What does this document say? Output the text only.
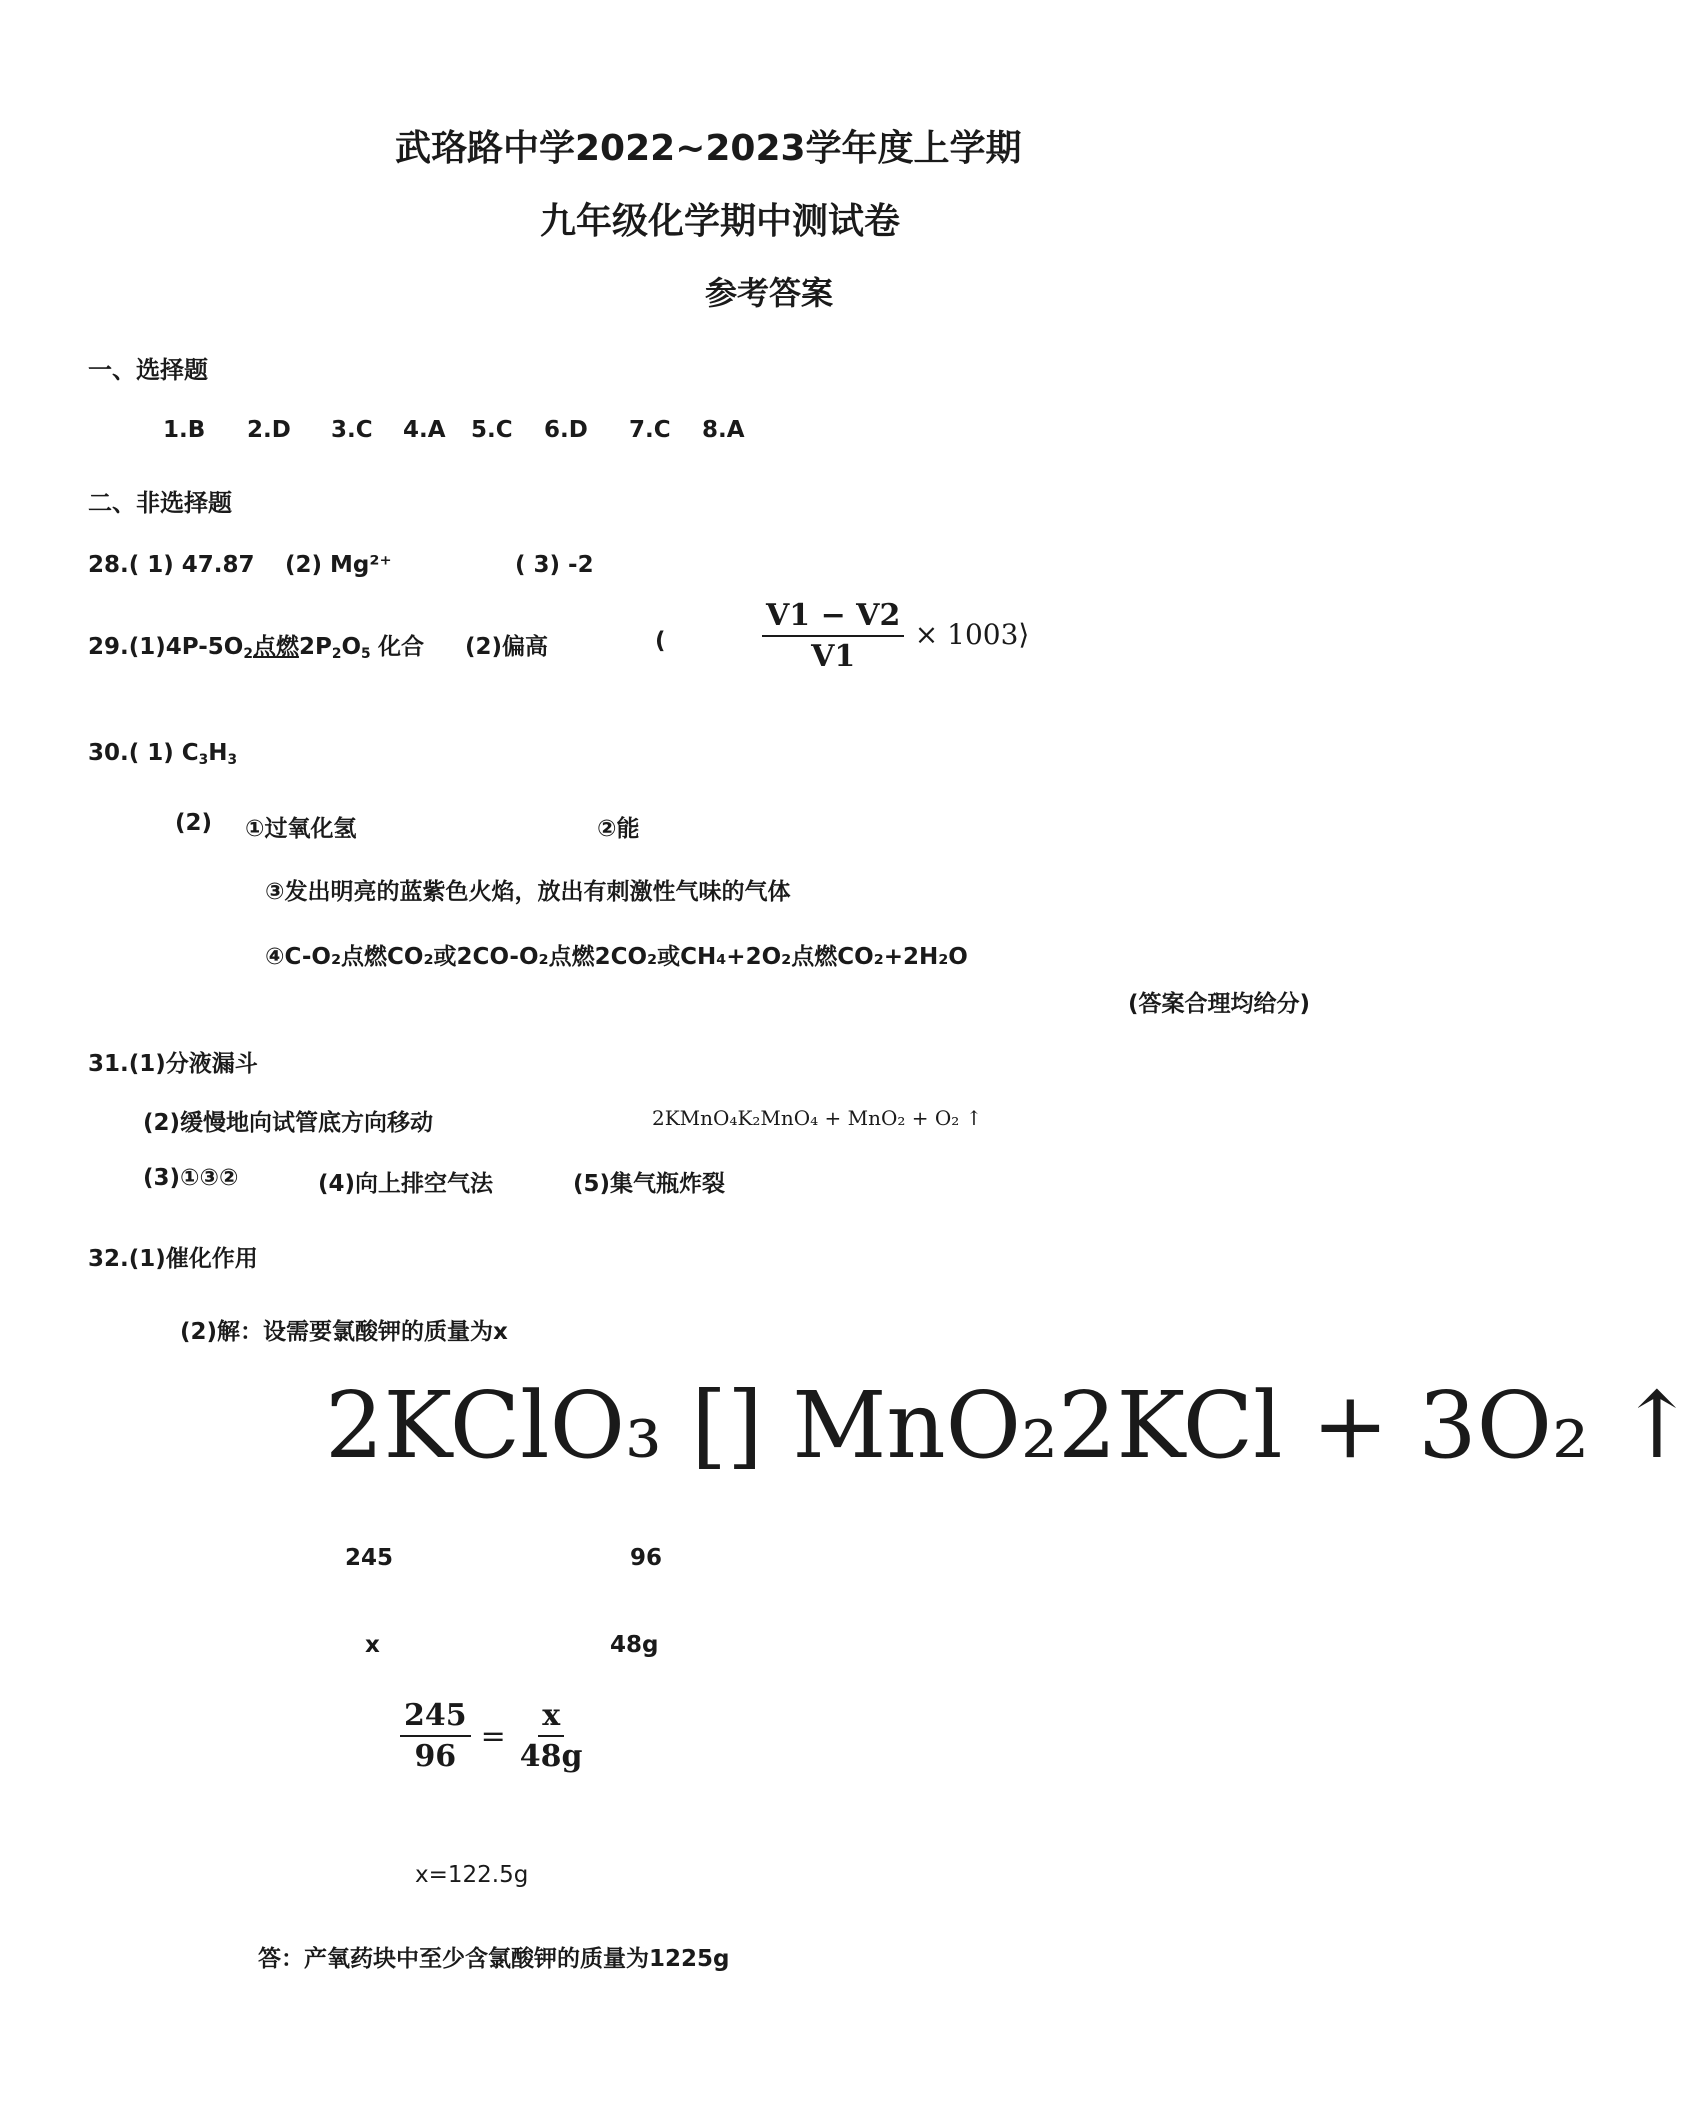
武珞路中学2022~2023学年度上学期
九年级化学期中测试卷
参考答案
一、选择题
1.B	2.D	3.C	4.A	5.C	6.D	7.C	8.A
二、非选择题
28.( 1) 47.87 (2) Mg²⁺	( 3) -2
$29.(1)4P-5O_2$点燃$2P_2O_5$ 化合 (2)偏高	(	$\frac{V1 - V2}{V1}$ × 1003⟩
30.( 1) $C_3H_3$
(2) ①过氧化氢	②能
③发出明亮的蓝紫色火焰，放出有刺激性气味的气体
④C-O₂点燃CO₂或2CO-O₂点燃2CO₂或CH₄+2O₂点燃CO₂+2H₂O
(答案合理均给分)
31.(1)分液漏斗
(2)缓慢地向试管底方向移动	2KMnO₄K₂MnO₄ + MnO₂ + O₂ ↑
(3)①③②	(4)向上排空气法	(5)集气瓶炸裂
32.(1)催化作用
(2)解：设需要氯酸钾的质量为x
2KClO₃ [] MnO₂2KCl + 3O₂ ↑
245	96
x	48g
$\frac{245}{96} = \frac{x}{48g}$
x=122.5g
答：产氧药块中至少含氯酸钾的质量为1225g
